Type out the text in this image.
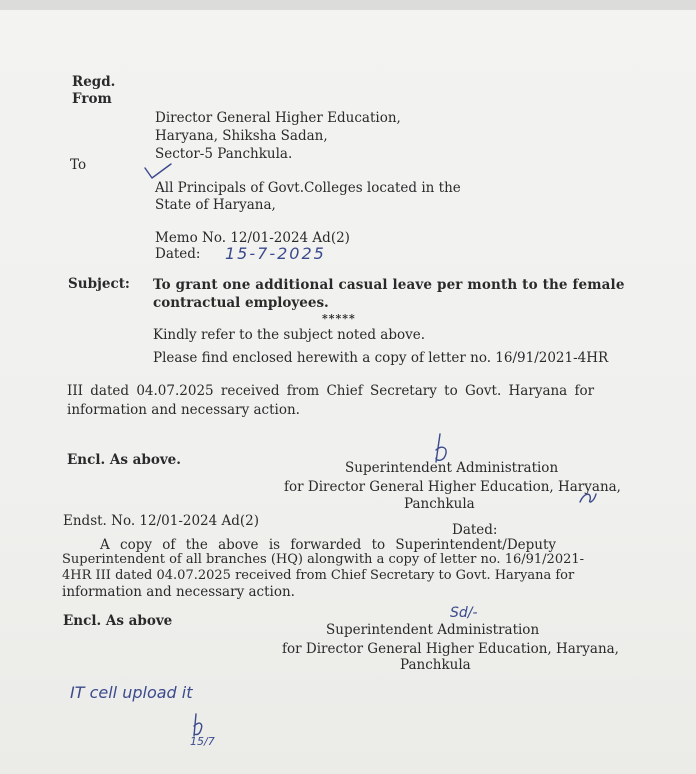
Regd.
From
Director General Higher Education,
Haryana, Shiksha Sadan,
Sector-5 Panchkula.
To
All Principals of Govt.Colleges located in the
State of Haryana,
Memo No. 12/01-2024 Ad(2)
Dated: 15-7-2025
Subject: To grant one additional casual leave per month to the female
contractual employees.
*****
Kindly refer to the subject noted above.
Please find enclosed herewith a copy of letter no. 16/91/2021-4HR
III dated 04.07.2025 received from Chief Secretary to Govt. Haryana for
information and necessary action.
Encl. As above.	Superintendent Administration
for Director General Higher Education, Haryana,
Panchkula
Endst. No. 12/01-2024 Ad(2)
Dated:
A copy of the above is forwarded to Superintendent/Deputy
Superintendent of all branches (HQ) alongwith a copy of letter no. 16/91/2021-
4HR III dated 04.07.2025 received from Chief Secretary to Govt. Haryana for
information and necessary action.
Encl. As above	Sd/-
Superintendent Administration
for Director General Higher Education, Haryana,
Panchkula
IT cell upload it
15/7
